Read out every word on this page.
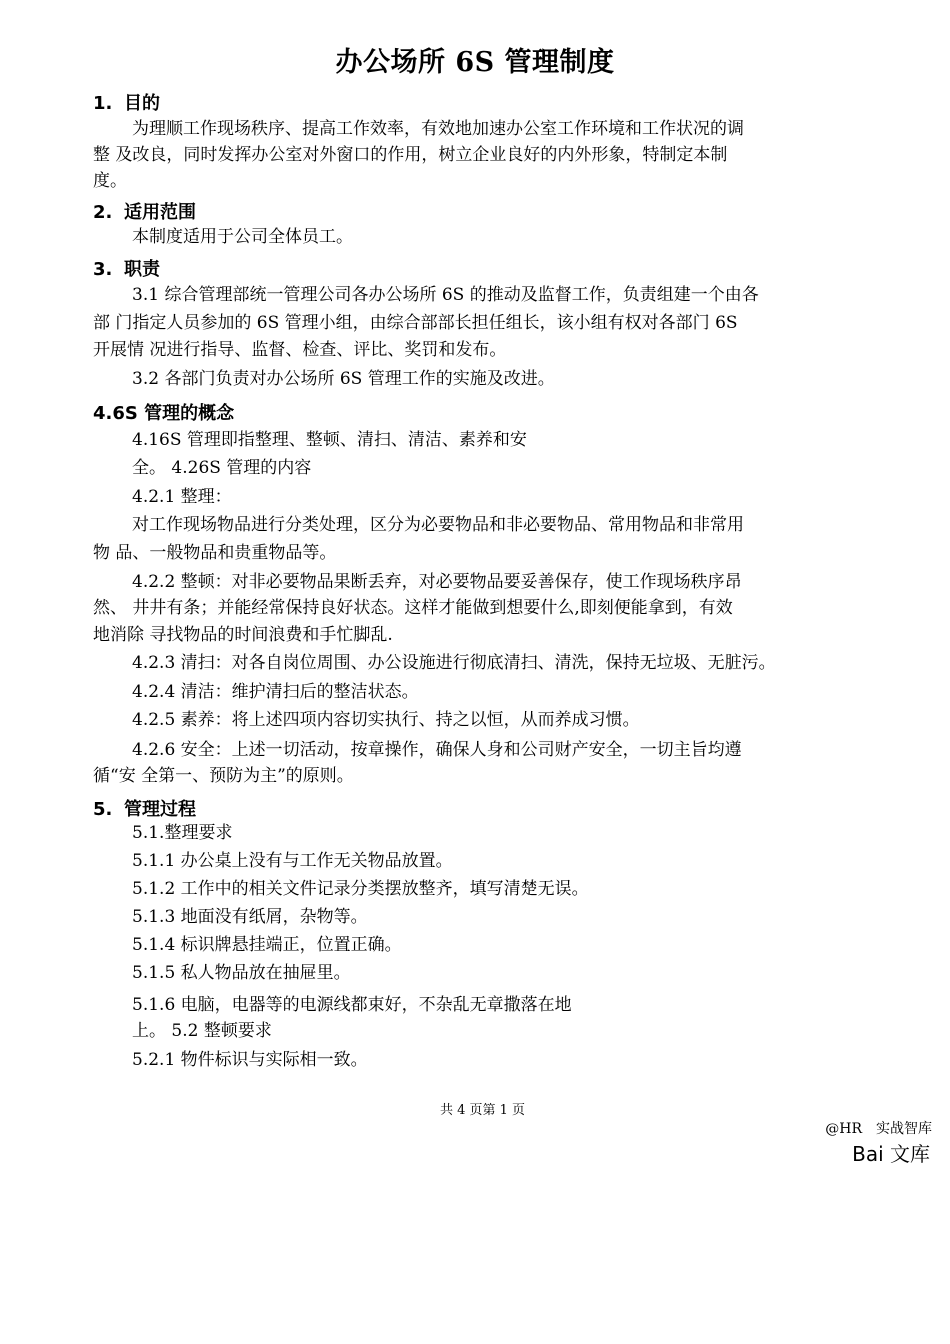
办公场所 6S 管理制度
1. 目的
为理顺工作现场秩序、提高工作效率，有效地加速办公室工作环境和工作状况的调
整 及改良，同时发挥办公室对外窗口的作用，树立企业良好的内外形象，特制定本制
度。
2. 适用范围
本制度适用于公司全体员工。
3. 职责
3.1 综合管理部统一管理公司各办公场所 6S 的推动及监督工作，负责组建一个由各
部 门指定人员参加的 6S 管理小组，由综合部部长担任组长，该小组有权对各部门 6S
开展情 况进行指导、监督、检查、评比、奖罚和发布。
3.2 各部门负责对办公场所 6S 管理工作的实施及改进。
4.6S 管理的概念
4.16S 管理即指整理、整顿、清扫、清洁、素养和安
全。 4.26S 管理的内容
4.2.1 整理：
对工作现场物品进行分类处理，区分为必要物品和非必要物品、常用物品和非常用
物 品、一般物品和贵重物品等。
4.2.2 整顿：对非必要物品果断丢弃，对必要物品要妥善保存，使工作现场秩序昂
然、 井井有条；并能经常保持良好状态。这样才能做到想要什么,即刻便能拿到，有效
地消除 寻找物品的时间浪费和手忙脚乱.
4.2.3 清扫：对各自岗位周围、办公设施进行彻底清扫、清洗，保持无垃圾、无脏污。
4.2.4 清洁：维护清扫后的整洁状态。
4.2.5 素养：将上述四项内容切实执行、持之以恒，从而养成习惯。
4.2.6 安全：上述一切活动，按章操作，确保人身和公司财产安全，一切主旨均遵
循“安 全第一、预防为主”的原则。
5. 管理过程
5.1.整理要求
5.1.1 办公桌上没有与工作无关物品放置。
5.1.2 工作中的相关文件记录分类摆放整齐，填写清楚无误。
5.1.3 地面没有纸屑，杂物等。
5.1.4 标识牌悬挂端正，位置正确。
5.1.5 私人物品放在抽屉里。
5.1.6 电脑，电器等的电源线都束好，不杂乱无章撒落在地
上。 5.2 整顿要求
5.2.1 物件标识与实际相一致。
共 4 页第 1 页
@HR 实战智库
Bai 文库
